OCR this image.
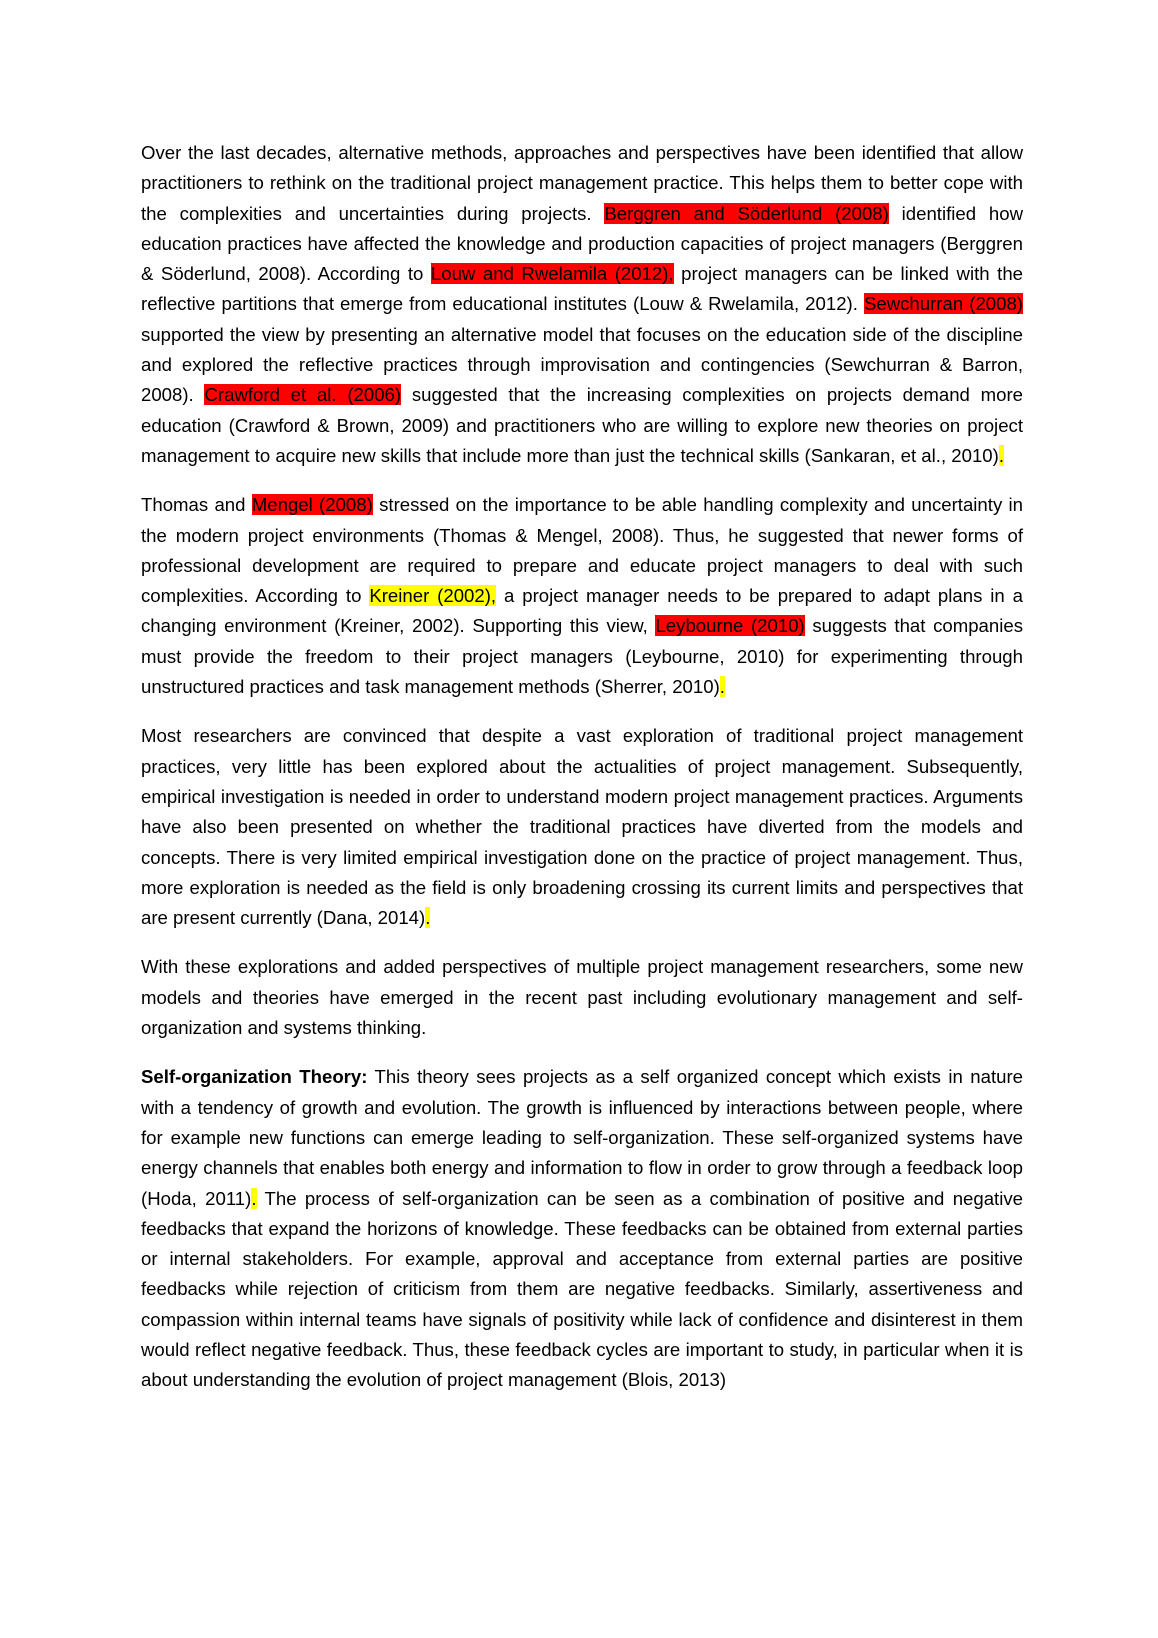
Over the last decades, alternative methods, approaches and perspectives have been identified that allow practitioners to rethink on the traditional project management practice. This helps them to better cope with the complexities and uncertainties during projects. Berggren and Söderlund (2008) identified how education practices have affected the knowledge and production capacities of project managers (Berggren & Söderlund, 2008). According to Louw and Rwelamila (2012), project managers can be linked with the reflective partitions that emerge from educational institutes (Louw & Rwelamila, 2012). Sewchurran (2008) supported the view by presenting an alternative model that focuses on the education side of the discipline and explored the reflective practices through improvisation and contingencies (Sewchurran & Barron, 2008). Crawford et al. (2006) suggested that the increasing complexities on projects demand more education (Crawford & Brown, 2009) and practitioners who are willing to explore new theories on project management to acquire new skills that include more than just the technical skills (Sankaran, et al., 2010).

Thomas and Mengel (2008) stressed on the importance to be able handling complexity and uncertainty in the modern project environments (Thomas & Mengel, 2008). Thus, he suggested that newer forms of professional development are required to prepare and educate project managers to deal with such complexities. According to Kreiner (2002), a project manager needs to be prepared to adapt plans in a changing environment (Kreiner, 2002). Supporting this view, Leybourne (2010) suggests that companies must provide the freedom to their project managers (Leybourne, 2010) for experimenting through unstructured practices and task management methods (Sherrer, 2010).

Most researchers are convinced that despite a vast exploration of traditional project management practices, very little has been explored about the actualities of project management. Subsequently, empirical investigation is needed in order to understand modern project management practices. Arguments have also been presented on whether the traditional practices have diverted from the models and concepts. There is very limited empirical investigation done on the practice of project management. Thus, more exploration is needed as the field is only broadening crossing its current limits and perspectives that are present currently (Dana, 2014).

With these explorations and added perspectives of multiple project management researchers, some new models and theories have emerged in the recent past including evolutionary management and self-organization and systems thinking.

Self-organization Theory: This theory sees projects as a self organized concept which exists in nature with a tendency of growth and evolution. The growth is influenced by interactions between people, where for example new functions can emerge leading to self-organization. These self-organized systems have energy channels that enables both energy and information to flow in order to grow through a feedback loop (Hoda, 2011). The process of self-organization can be seen as a combination of positive and negative feedbacks that expand the horizons of knowledge. These feedbacks can be obtained from external parties or internal stakeholders. For example, approval and acceptance from external parties are positive feedbacks while rejection of criticism from them are negative feedbacks. Similarly, assertiveness and compassion within internal teams have signals of positivity while lack of confidence and disinterest in them would reflect negative feedback. Thus, these feedback cycles are important to study, in particular when it is about understanding the evolution of project management (Blois, 2013)
